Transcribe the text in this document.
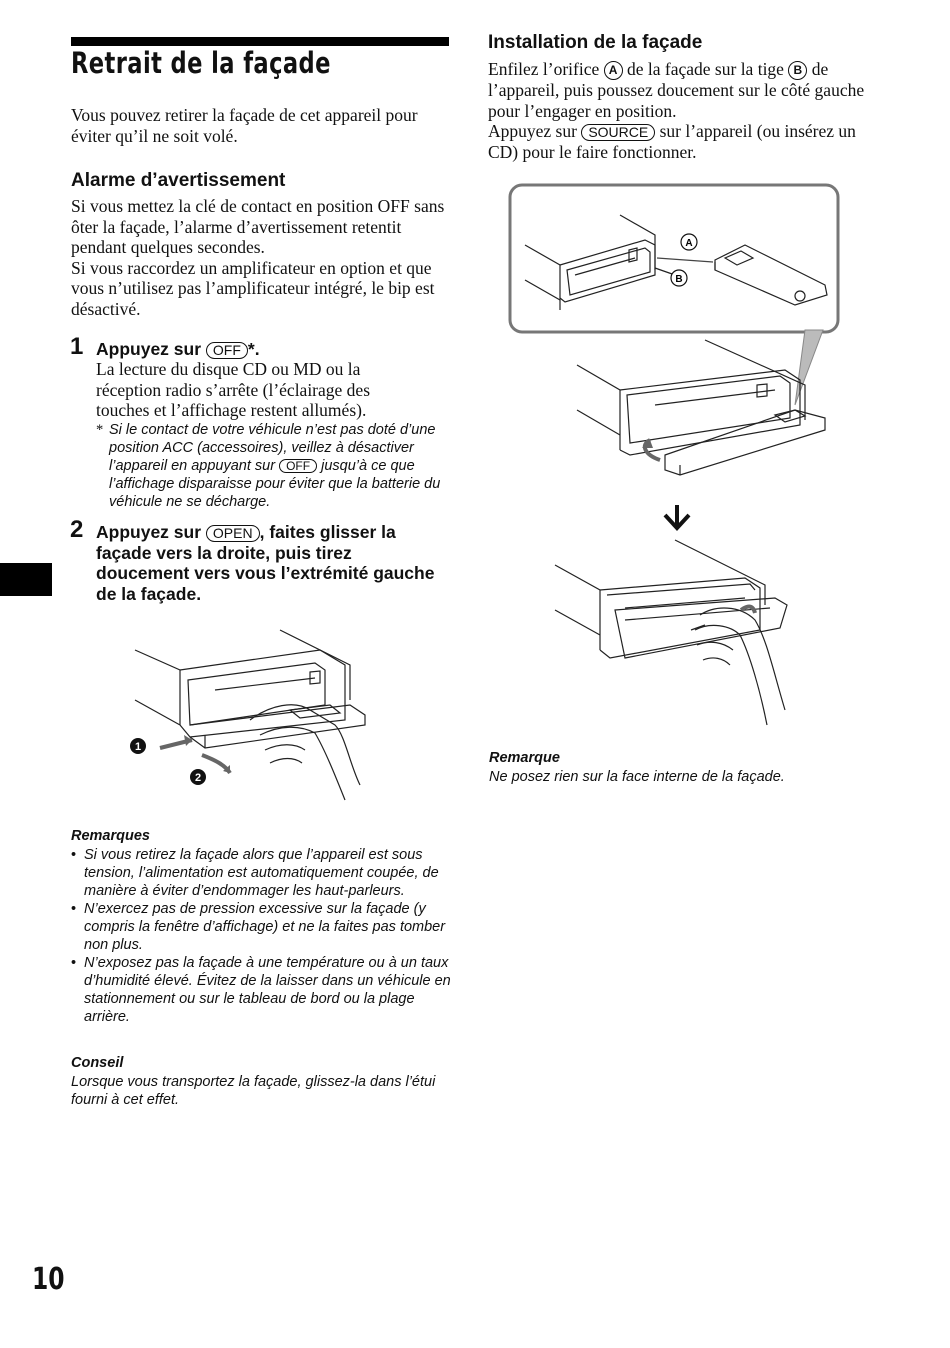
Retrait de la façade
Vous pouvez retirer la façade de cet appareil pour éviter qu’il ne soit volé.
Alarme d’avertissement
Si vous mettez la clé de contact en position OFF sans ôter la façade, l’alarme d’avertissement retentit pendant quelques secondes.
Si vous raccordez un amplificateur en option et que vous n’utilisez pas l’amplificateur intégré, le bip est désactivé.
1 Appuyez sur OFF *.
La lecture du disque CD ou MD ou la réception radio s’arrête (l’éclairage des touches et l’affichage restent allumés).
* Si le contact de votre véhicule n’est pas doté d’une position ACC (accessoires), veillez à désactiver l’appareil en appuyant sur OFF jusqu’à ce que l’affichage disparaisse pour éviter que la batterie du véhicule ne se décharge.
2 Appuyez sur OPEN , faites glisser la façade vers la droite, puis tirez doucement vers vous l’extrémité gauche de la façade.
1
2
Remarques
• Si vous retirez la façade alors que l’appareil est sous tension, l’alimentation est automatiquement coupée, de manière à éviter d’endommager les haut-parleurs.
• N’exercez pas de pression excessive sur la façade (y compris la fenêtre d’affichage) et ne la faites pas tomber non plus.
• N’exposez pas la façade à une température ou à un taux d’humidité élevé. Évitez de la laisser dans un véhicule en stationnement ou sur le tableau de bord ou la plage arrière.
Conseil
Lorsque vous transportez la façade, glissez-la dans l’étui fourni à cet effet.
10
Installation de la façade
Enfilez l’orifice A de la façade sur la tige B de l’appareil, puis poussez doucement sur le côté gauche pour l’engager en position.
Appuyez sur SOURCE sur l’appareil (ou insérez un CD) pour le faire fonctionner.
A
B
Remarque
Ne posez rien sur la face interne de la façade.
